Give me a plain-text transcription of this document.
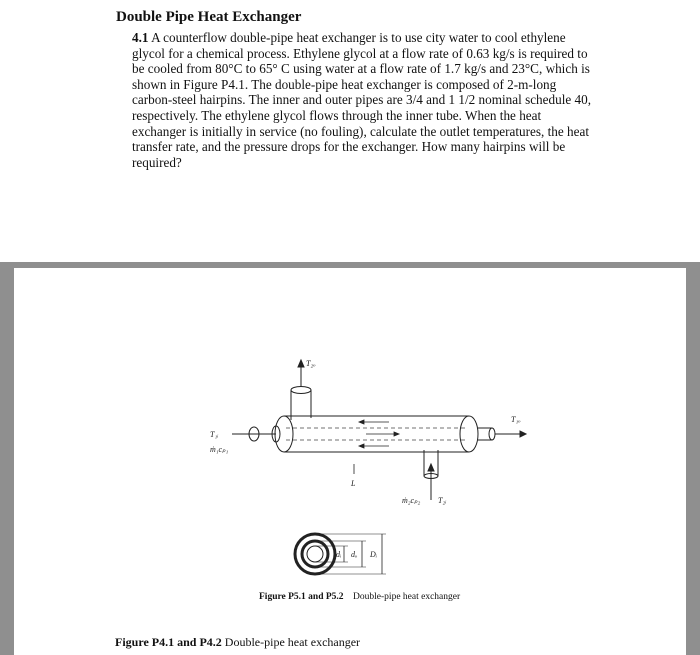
Double Pipe Heat Exchanger
4.1 A counterflow double-pipe heat exchanger is to use city water to cool ethylene glycol for a chemical process. Ethylene glycol at a flow rate of 0.63 kg/s is required to be cooled from 80°C to 65° C using water at a flow rate of 1.7 kg/s and 23°C, which is shown in Figure P4.1. The double-pipe heat exchanger is composed of 2-m-long carbon-steel hairpins. The inner and outer pipes are 3/4 and 1 1/2 nominal schedule 40, respectively. The ethylene glycol flows through the inner tube. When the heat exchanger is initially in service (no fouling), calculate the outlet temperatures, the heat transfer rate, and the pressure drops for the exchanger. How many hairpins will be required?
T₂ₒ
T₁ₒ
T₁ᵢ
ṁ₁cₚ₁
L
ṁ₂cₚ₂ T₂ᵢ
dᵢ dₒ Dᵢ
Figure P5.1 and P5.2 Double-pipe heat exchanger
Figure P4.1 and P4.2 Double-pipe heat exchanger
